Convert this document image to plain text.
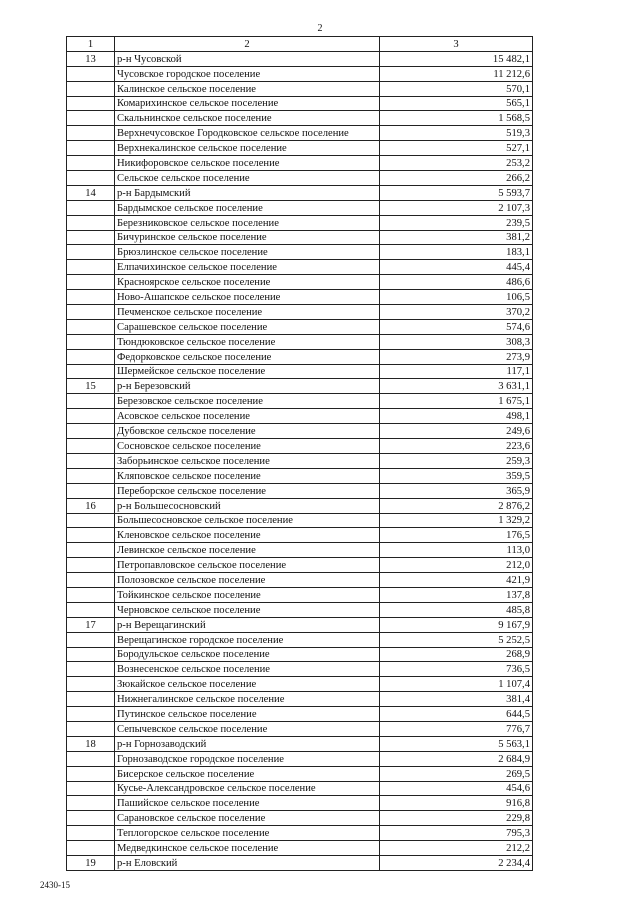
2
1	2	3
13	р-н Чусовской	15 482,1
	Чусовское городское поселение	11 212,6
	Калинское сельское поселение	570,1
	Комарихинское сельское поселение	565,1
	Скальнинское сельское поселение	1 568,5
	Верхнечусовское Городковское сельское поселение	519,3
	Верхнекалинское сельское поселение	527,1
	Никифоровское сельское поселение	253,2
	Сельское сельское поселение	266,2
14	р-н Бардымский	5 593,7
	Бардымское сельское поселение	2 107,3
	Березниковское сельское поселение	239,5
	Бичуринское сельское поселение	381,2
	Брюзлинское сельское поселение	183,1
	Елпачихинское сельское поселение	445,4
	Красноярское сельское поселение	486,6
	Ново-Ашапское сельское поселение	106,5
	Печменское сельское поселение	370,2
	Сарашевское сельское поселение	574,6
	Тюндюковское сельское поселение	308,3
	Федорковское сельское поселение	273,9
	Шермейское сельское поселение	117,1
15	р-н Березовский	3 631,1
	Березовское сельское поселение	1 675,1
	Асовское сельское поселение	498,1
	Дубовское сельское поселение	249,6
	Сосновское сельское поселение	223,6
	Заборьинское сельское поселение	259,3
	Кляповское сельское поселение	359,5
	Переборское сельское поселение	365,9
16	р-н Большесосновский	2 876,2
	Большесосновское сельское поселение	1 329,2
	Кленовское сельское поселение	176,5
	Левинское сельское поселение	113,0
	Петропавловское сельское поселение	212,0
	Полозовское сельское поселение	421,9
	Тойкинское сельское поселение	137,8
	Черновское сельское поселение	485,8
17	р-н Верещагинский	9 167,9
	Верещагинское городское поселение	5 252,5
	Бородульское сельское поселение	268,9
	Вознесенское сельское поселение	736,5
	Зюкайское сельское поселение	1 107,4
	Нижнегалинское сельское поселение	381,4
	Путинское сельское поселение	644,5
	Сепычевское сельское поселение	776,7
18	р-н Горнозаводский	5 563,1
	Горнозаводское городское поселение	2 684,9
	Бисерское сельское поселение	269,5
	Кусье-Александровское сельское поселение	454,6
	Пашийское сельское поселение	916,8
	Сарановское сельское поселение	229,8
	Теплогорское сельское поселение	795,3
	Медведкинское сельское поселение	212,2
19	р-н Еловский	2 234,4
2430-15
